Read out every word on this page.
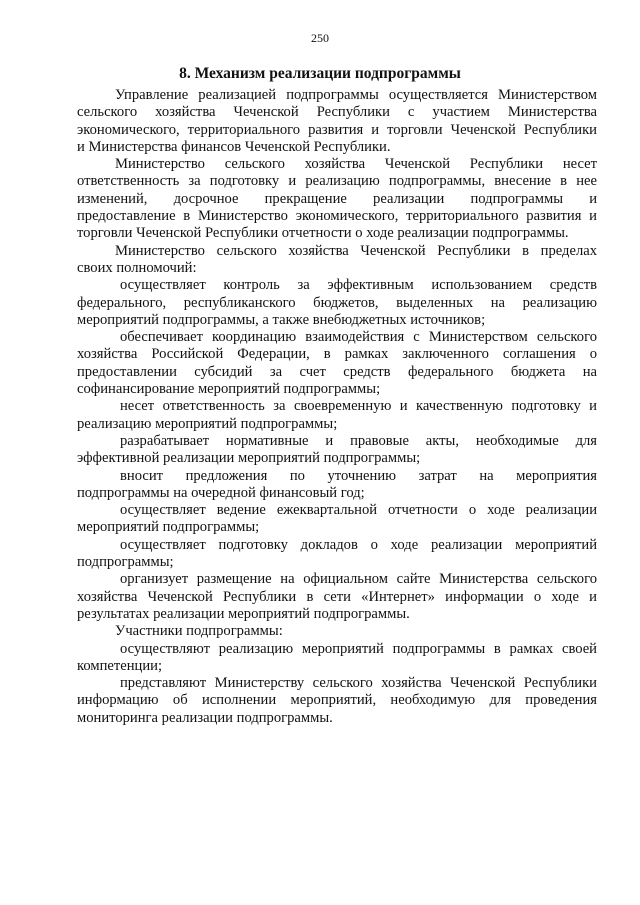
250
8. Механизм реализации подпрограммы
Управление реализацией подпрограммы осуществляется Министерством
сельского хозяйства Чеченской Республики с участием Министерства
экономического, территориального развития и торговли Чеченской Республики
и Министерства финансов Чеченской Республики.
Министерство сельского хозяйства Чеченской Республики несет
ответственность за подготовку и реализацию подпрограммы, внесение в нее
изменений, досрочное прекращение реализации подпрограммы и
предоставление в Министерство экономического, территориального развития и
торговли Чеченской Республики отчетности о ходе реализации подпрограммы.
Министерство сельского хозяйства Чеченской Республики в пределах
своих полномочий:
осуществляет контроль за эффективным использованием средств
федерального, республиканского бюджетов, выделенных на реализацию
мероприятий подпрограммы, а также внебюджетных источников;
обеспечивает координацию взаимодействия с Министерством сельского
хозяйства Российской Федерации, в рамках заключенного соглашения о
предоставлении субсидий за счет средств федерального бюджета на
софинансирование мероприятий подпрограммы;
несет ответственность за своевременную и качественную подготовку и
реализацию мероприятий подпрограммы;
разрабатывает нормативные и правовые акты, необходимые для
эффективной реализации мероприятий подпрограммы;
вносит предложения по уточнению затрат на мероприятия
подпрограммы на очередной финансовый год;
осуществляет ведение ежеквартальной отчетности о ходе реализации
мероприятий подпрограммы;
осуществляет подготовку докладов о ходе реализации мероприятий
подпрограммы;
организует размещение на официальном сайте Министерства сельского
хозяйства Чеченской Республики в сети «Интернет» информации о ходе и
результатах реализации мероприятий подпрограммы.
Участники подпрограммы:
осуществляют реализацию мероприятий подпрограммы в рамках своей
компетенции;
представляют Министерству сельского хозяйства Чеченской Республики
информацию об исполнении мероприятий, необходимую для проведения
мониторинга реализации подпрограммы.
